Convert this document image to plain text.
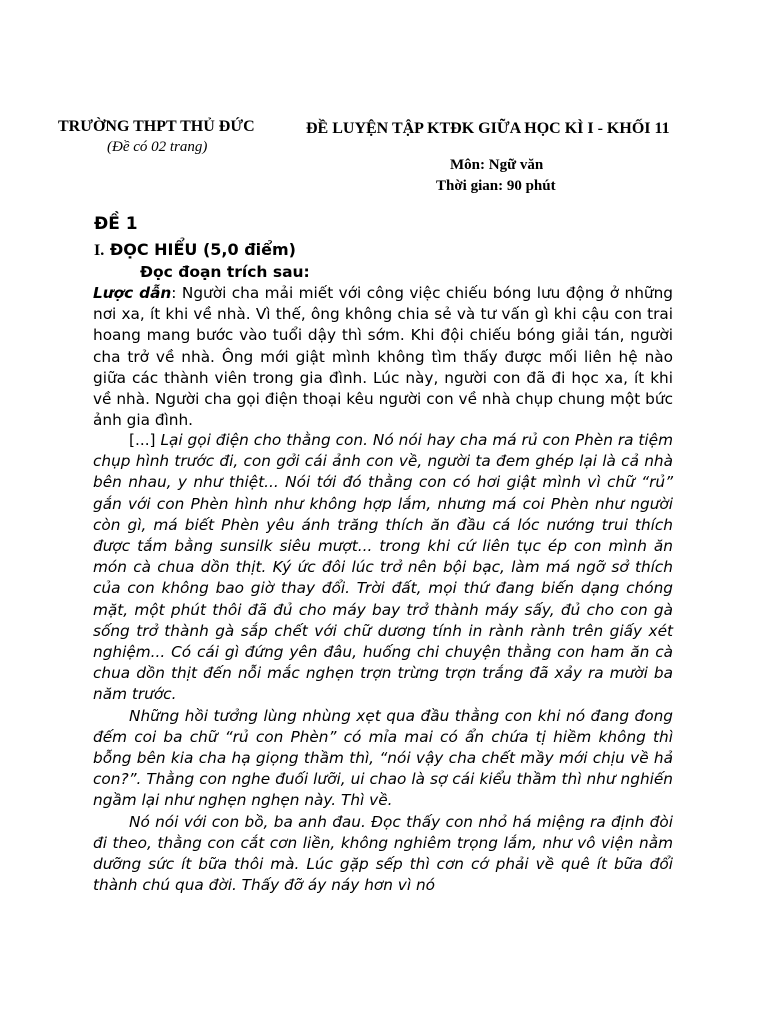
TRƯỜNG THPT THỦ ĐỨC
(Đề có 02 trang)
ĐỀ LUYỆN TẬP KTĐK GIỮA HỌC KÌ I - KHỐI 11
Môn: Ngữ văn
Thời gian: 90 phút
ĐỀ 1
I. ĐỌC HIỂU (5,0 điểm)
Đọc đoạn trích sau:
Lược dẫn: Người cha mải miết với công việc chiếu bóng lưu động ở những nơi xa, ít khi về nhà. Vì thế, ông không chia sẻ và tư vấn gì khi cậu con trai hoang mang bước vào tuổi dậy thì sớm. Khi đội chiếu bóng giải tán, người cha trở về nhà. Ông mới giật mình không tìm thấy được mối liên hệ nào giữa các thành viên trong gia đình. Lúc này, người con đã đi học xa, ít khi về nhà. Người cha gọi điện thoại kêu người con về nhà chụp chung một bức ảnh gia đình.

[...] Lại gọi điện cho thằng con. Nó nói hay cha má rủ con Phèn ra tiệm chụp hình trước đi, con gởi cái ảnh con về, người ta đem ghép lại là cả nhà bên nhau, y như thiệt... Nói tới đó thằng con có hơi giật mình vì chữ “rủ” gắn với con Phèn hình như không hợp lắm, nhưng má coi Phèn như người còn gì, má biết Phèn yêu ánh trăng thích ăn đầu cá lóc nướng trui thích được tắm bằng sunsilk siêu mượt... trong khi cứ liên tục ép con mình ăn món cà chua dồn thịt. Ký ức đôi lúc trở nên bội bạc, làm má ngỡ sở thích của con không bao giờ thay đổi. Trời đất, mọi thứ đang biến dạng chóng mặt, một phút thôi đã đủ cho máy bay trở thành máy sấy, đủ cho con gà sống trở thành gà sắp chết với chữ dương tính in rành rành trên giấy xét nghiệm... Có cái gì đứng yên đâu, huống chi chuyện thằng con ham ăn cà chua dồn thịt đến nỗi mắc nghẹn trợn trừng trợn trắng đã xảy ra mười ba năm trước.

Những hồi tưởng lùng nhùng xẹt qua đầu thằng con khi nó đang đong đếm coi ba chữ “rủ con Phèn” có mỉa mai có ẩn chứa tị hiềm không thì bỗng bên kia cha hạ giọng thầm thì, “nói vậy cha chết mầy mới chịu về hả con?”. Thằng con nghe đuối lưỡi, ui chao là sợ cái kiểu thầm thì như nghiến ngầm lại như nghẹn nghẹn này. Thì về.

Nó nói với con bồ, ba anh đau. Đọc thấy con nhỏ há miệng ra định đòi đi theo, thằng con cắt cơn liền, không nghiêm trọng lắm, như vô viện nằm dưỡng sức ít bữa thôi mà. Lúc gặp sếp thì cơn cớ phải về quê ít bữa đổi thành chú qua đời. Thấy đỡ áy náy hơn vì nó
